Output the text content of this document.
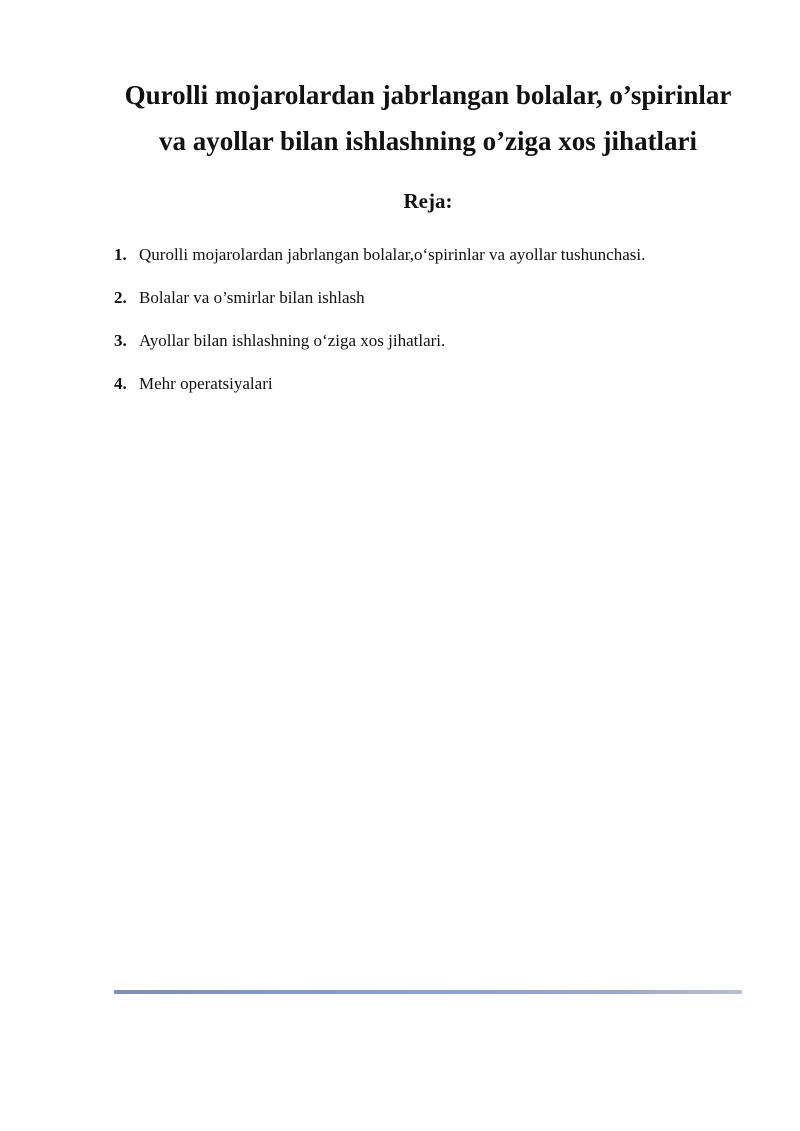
Qurolli mojarolardan jabrlangan bolalar, o’spirinlar
va ayollar bilan ishlashning o’ziga xos jihatlari
Reja:
1. Qurolli mojarolardan jabrlangan bolalar,o‘spirinlar va ayollar tushunchasi.
2. Bolalar va o’smirlar bilan ishlash
3. Ayollar bilan ishlashning o‘ziga xos jihatlari.
4. Mehr operatsiyalari
